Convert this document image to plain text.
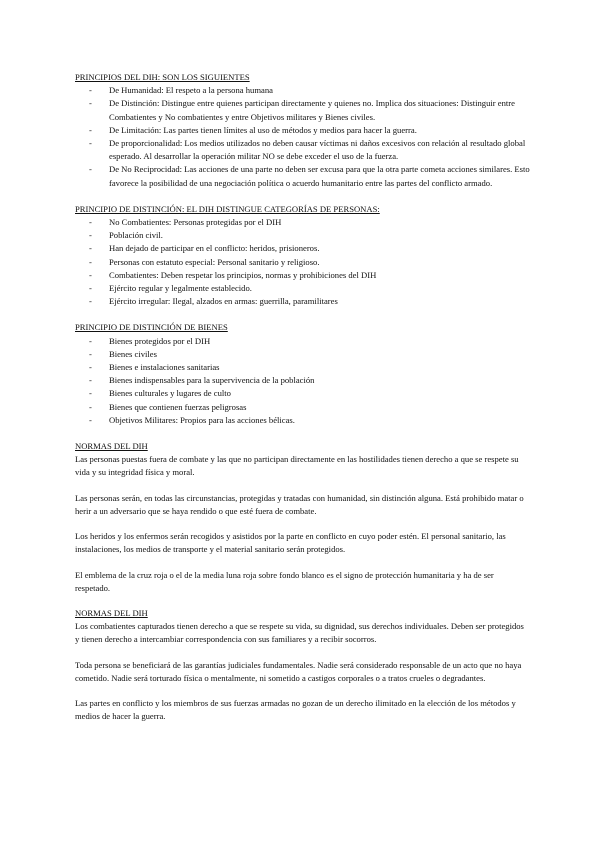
PRINCIPIOS DEL DIH: SON LOS SIGUIENTES
- De Humanidad: El respeto a la persona humana
- De Distinción: Distingue entre quienes participan directamente y quienes no. Implica dos situaciones: Distinguir entre Combatientes y No combatientes y entre Objetivos militares y Bienes civiles.
- De Limitación: Las partes tienen límites al uso de métodos y medios para hacer la guerra.
- De proporcionalidad: Los medios utilizados no deben causar víctimas ni daños excesivos con relación al resultado global esperado. Al desarrollar la operación militar NO se debe exceder el uso de la fuerza.
- De No Reciprocidad: Las acciones de una parte no deben ser excusa para que la otra parte cometa acciones similares. Esto favorece la posibilidad de una negociación política o acuerdo humanitario entre las partes del conflicto armado.
PRINCIPIO DE DISTINCIÓN: EL DIH DISTINGUE CATEGORÍAS DE PERSONAS:
- No Combatientes: Personas protegidas por el DIH
- Población civil.
- Han dejado de participar en el conflicto: heridos, prisioneros.
- Personas con estatuto especial: Personal sanitario y religioso.
- Combatientes: Deben respetar los principios, normas y prohibiciones del DIH
- Ejército regular y legalmente establecido.
- Ejército irregular: Ilegal, alzados en armas: guerrilla, paramilitares
PRINCIPIO DE DISTINCIÓN DE BIENES
- Bienes protegidos por el DIH
- Bienes civiles
- Bienes e instalaciones sanitarias
- Bienes indispensables para la supervivencia de la población
- Bienes culturales y lugares de culto
- Bienes que contienen fuerzas peligrosas
- Objetivos Militares: Propios para las acciones bélicas.
NORMAS DEL DIH

Las personas puestas fuera de combate y las que no participan directamente en las hostilidades tienen derecho a que se respete su vida y su integridad física y moral.

Las personas serán, en todas las circunstancias, protegidas y tratadas con humanidad, sin distinción alguna. Está prohibido matar o herir a un adversario que se haya rendido o que esté fuera de combate.

Los heridos y los enfermos serán recogidos y asistidos por la parte en conflicto en cuyo poder estén. El personal sanitario, las instalaciones, los medios de transporte y el material sanitario serán protegidos.

El emblema de la cruz roja o el de la media luna roja sobre fondo blanco es el signo de protección humanitaria y ha de ser respetado.

NORMAS DEL DIH

Los combatientes capturados tienen derecho a que se respete su vida, su dignidad, sus derechos individuales. Deben ser protegidos y tienen derecho a intercambiar correspondencia con sus familiares y a recibir socorros.

Toda persona se beneficiará de las garantías judiciales fundamentales. Nadie será considerado responsable de un acto que no haya cometido. Nadie será torturado física o mentalmente, ni sometido a castigos corporales o a tratos crueles o degradantes.

Las partes en conflicto y los miembros de sus fuerzas armadas no gozan de un derecho ilimitado en la elección de los métodos y medios de hacer la guerra.
